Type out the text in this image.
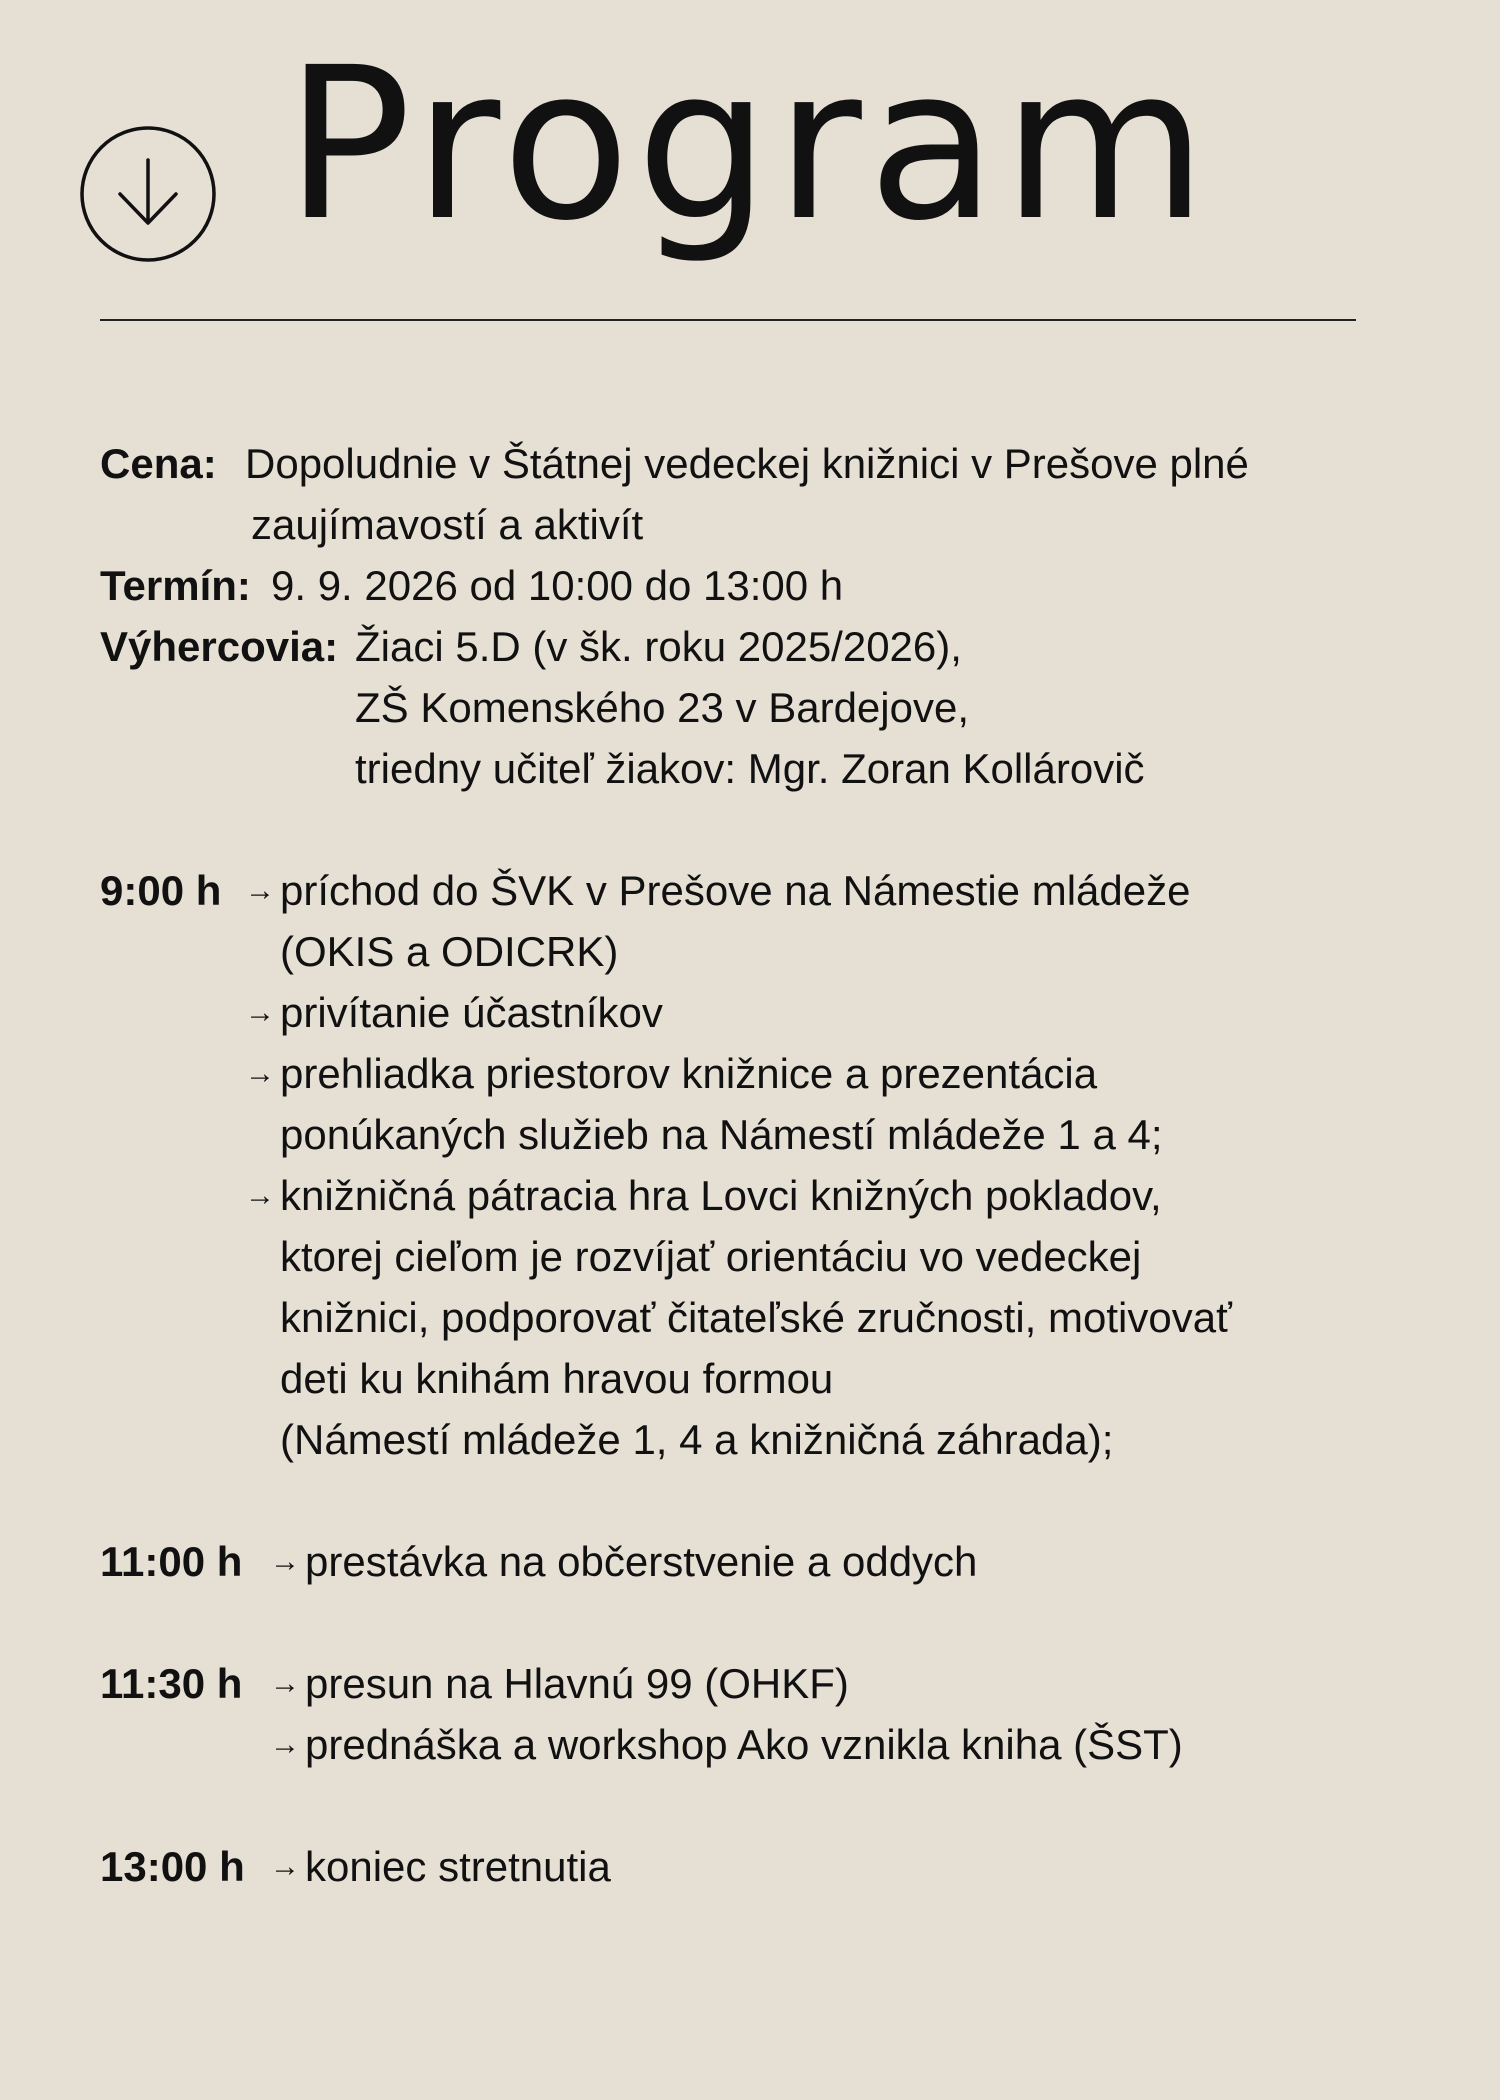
Program
Cena: Dopoludnie v Štátnej vedeckej knižnici v Prešove plné
zaujímavostí a aktivít
Termín: 9. 9. 2026 od 10:00 do 13:00 h
Výhercovia: Žiaci 5.D (v šk. roku 2025/2026),
ZŠ Komenského 23 v Bardejove,
triedny učiteľ žiakov: Mgr. Zoran Kollárovič
9:00 h → príchod do ŠVK v Prešove na Námestie mládeže
(OKIS a ODICRK)
→ privítanie účastníkov
→ prehliadka priestorov knižnice a prezentácia
ponúkaných služieb na Námestí mládeže 1 a 4;
→ knižničná pátracia hra Lovci knižných pokladov,
ktorej cieľom je rozvíjať orientáciu vo vedeckej
knižnici, podporovať čitateľské zručnosti, motivovať
deti ku knihám hravou formou
(Námestí mládeže 1, 4 a knižničná záhrada);
11:00 h → prestávka na občerstvenie a oddych
11:30 h → presun na Hlavnú 99 (OHKF)
→ prednáška a workshop Ako vznikla kniha (ŠST)
13:00 h → koniec stretnutia
